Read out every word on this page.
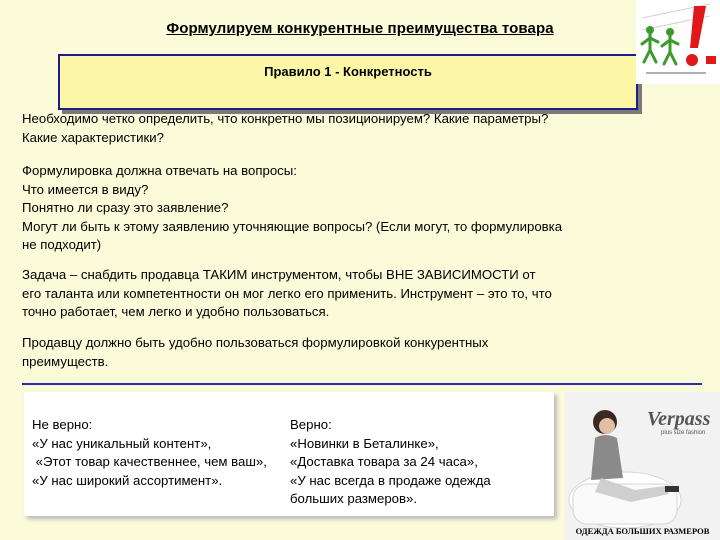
Формулируем конкурентные преимущества товара
Правило 1 - Конкретность
Необходимо четко определить, что конкретно мы позиционируем? Какие параметры?
Какие характеристики?
Формулировка должна отвечать на вопросы:
Что имеется в виду?
Понятно ли сразу это заявление?
Могут ли быть к этому заявлению уточняющие вопросы? (Если могут, то формулировка
не подходит)
Задача – снабдить продавца ТАКИМ инструментом, чтобы ВНЕ ЗАВИСИМОСТИ от
его таланта или компетентности он мог легко его применить. Инструмент – это то, что
точно работает, чем легко и удобно пользоваться.
Продавцу должно быть удобно пользоваться формулировкой конкурентных
преимуществ.
Не верно:
«У нас уникальный контент»,
«Этот товар качественнее, чем ваш»,
«У нас широкий ассортимент».
Верно:
«Новинки в Беталинке»,
«Доставка товара за 24 часа»,
«У нас всегда в продаже одежда
больших размеров».
Verpass
plus size fashion
ОДЕЖДА БОЛЬШИХ РАЗМЕРОВ
